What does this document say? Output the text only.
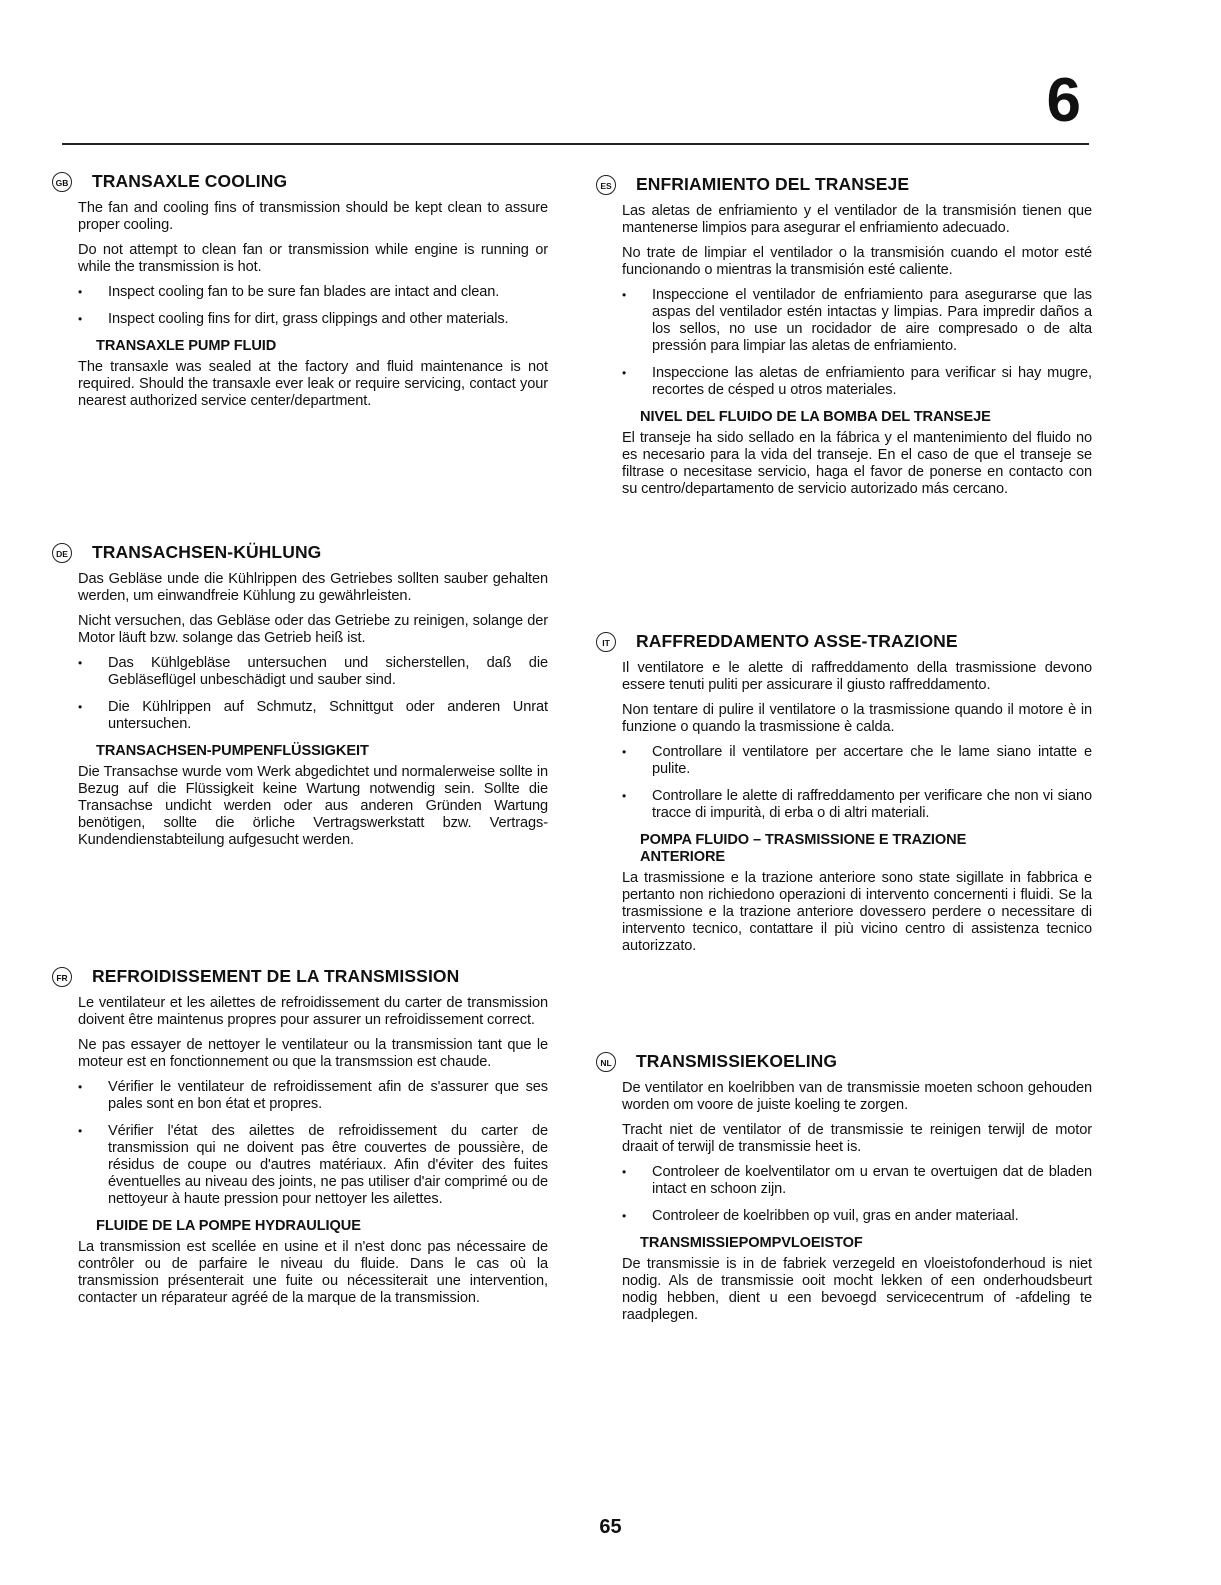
6
GB TRANSAXLE COOLING

The fan and cooling fins of transmission should be kept clean to assure proper cooling.

Do not attempt to clean fan or transmission while engine is running or while the transmission is hot.

• Inspect cooling fan to be sure fan blades are intact and clean.
• Inspect cooling fins for dirt, grass clippings and other materials.
TRANSAXLE PUMP FLUID

The transaxle was sealed at the factory and fluid maintenance is not required. Should the transaxle ever leak or require servicing, contact your nearest authorized service center/department.

DE TRANSACHSEN-KÜHLUNG

Das Gebläse unde die Kühlrippen des Getriebes sollten sauber gehalten werden, um einwandfreie Kühlung zu gewährleisten.

Nicht versuchen, das Gebläse oder das Getriebe zu reinigen, solange der Motor läuft bzw. solange das Getrieb heiß ist.

• Das Kühlgebläse untersuchen und sicherstellen, daß die Gebläseflügel unbeschädigt und sauber sind.
• Die Kühlrippen auf Schmutz, Schnittgut oder anderen Unrat untersuchen.
TRANSACHSEN-PUMPENFLÜSSIGKEIT

Die Transachse wurde vom Werk abgedichtet und normalerweise sollte in Bezug auf die Flüssigkeit keine Wartung notwendig sein. Sollte die Transachse undicht werden oder aus anderen Gründen Wartung benötigen, sollte die örliche Vertragswerkstatt bzw. Vertrags-Kundendienstabteilung aufgesucht werden.

FR REFROIDISSEMENT DE LA TRANSMISSION

Le ventilateur et les ailettes de refroidissement du carter de transmission doivent être maintenus propres pour assurer un refroidissement correct.

Ne pas essayer de nettoyer le ventilateur ou la transmission tant que le moteur est en fonctionnement ou que la transmssion est chaude.

• Vérifier le ventilateur de refroidissement afin de s'assurer que ses pales sont en bon état et propres.
• Vérifier l'état des ailettes de refroidissement du carter de transmission qui ne doivent pas être couvertes de poussière, de résidus de coupe ou d'autres matériaux. Afin d'éviter des fuites éventuelles au niveau des joints, ne pas utiliser d'air comprimé ou de nettoyeur à haute pression pour nettoyer les ailettes.
FLUIDE DE LA POMPE HYDRAULIQUE

La transmission est scellée en usine et il n'est donc pas nécessaire de contrôler ou de parfaire le niveau du fluide. Dans le cas où la transmission présenterait une fuite ou nécessiterait une intervention, contacter un réparateur agréé de la marque de la transmission.

ES ENFRIAMIENTO DEL TRANSEJE

Las aletas de enfriamiento y el ventilador de la transmisión tienen que mantenerse limpios para asegurar el enfriamiento adecuado.

No trate de limpiar el ventilador o la transmisión cuando el motor esté funcionando o mientras la transmisión esté caliente.

• Inspeccione el ventilador de enfriamiento para asegurarse que las aspas del ventilador estén intactas y limpias. Para impredir daños a los sellos, no use un rocidador de aire compresado o de alta pressión para limpiar las aletas de enfriamiento.
• Inspeccione las aletas de enfriamiento para verificar si hay mugre, recortes de césped u otros materiales.
NIVEL DEL FLUIDO DE LA BOMBA DEL TRANSEJE

El transeje ha sido sellado en la fábrica y el mantenimiento del fluido no es necesario para la vida del transeje. En el caso de que el transeje se filtrase o necesitase servicio, haga el favor de ponerse en contacto con su centro/departamento de servicio autorizado más cercano.

IT	RAFFREDDAMENTO ASSE-TRAZIONE

Il ventilatore e le alette di raffreddamento della trasmissione devono essere tenuti puliti per assicurare il giusto raffreddamento.

Non tentare di pulire il ventilatore o la trasmissione quando il motore è in funzione o quando la trasmissione è calda.

• Controllare il ventilatore per accertare che le lame siano intatte e pulite.
• Controllare le alette di raffreddamento per verificare che non vi siano tracce di impurità, di erba o di altri materiali.
POMPA FLUIDO – TRASMISSIONE E TRAZIONE ANTERIORE

La trasmissione e la trazione anteriore sono state sigillate in fabbrica e pertanto non richiedono operazioni di intervento concernenti i fluidi. Se la trasmissione e la trazione anteriore dovessero perdere o necessitare di intervento tecnico, contattare il più vicino centro di assistenza tecnico autorizzato.

NL TRANSMISSIEKOELING

De ventilator en koelribben van de transmissie moeten schoon gehouden worden om voore de juiste koeling te zorgen.

Tracht niet de ventilator of de transmissie te reinigen terwijl de motor draait of terwijl de transmissie heet is.

• Controleer de koelventilator om u ervan te overtuigen dat de bladen intact en schoon zijn.
• Controleer de koelribben op vuil, gras en ander materiaal.
TRANSMISSIEPOMPVLOEISTOF

De transmissie is in de fabriek verzegeld en vloeistofonderhoud is niet nodig. Als de transmissie ooit mocht lekken of een onderhoudsbeurt nodig hebben, dient u een bevoegd servicecentrum of -afdeling te raadplegen.

65
